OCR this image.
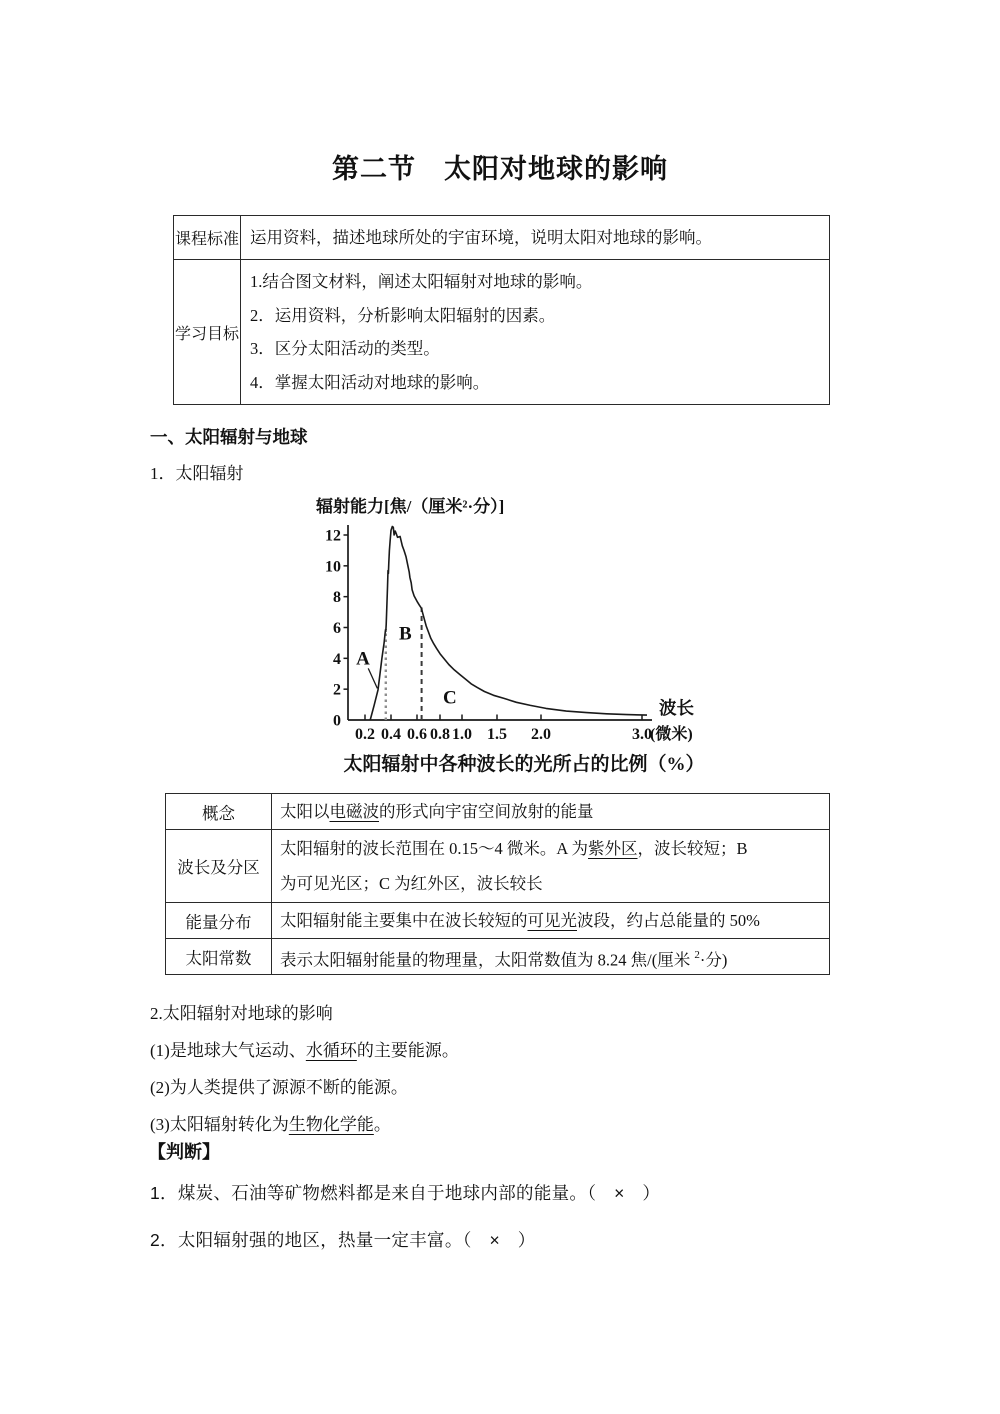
第二节　太阳对地球的影响
课程标准	运用资料，描述地球所处的宇宙环境，说明太阳对地球的影响。

学习目标	1.结合图文材料，阐述太阳辐射对地球的影响。
2．运用资料，分析影响太阳辐射的因素。
3．区分太阳活动的类型。
4．掌握太阳活动对地球的影响。
一、太阳辐射与地球
1．太阳辐射
0
2
4
6
8
10
12
0.2 0.4 0.6 0.8 1.0 1.5 2.0	3.0
(微米)
波长
辐射能力[焦/（厘米²·分）]
A
B
C
太阳辐射中各种波长的光所占的比例（%）
概念	太阳以电磁波的形式向宇宙空间放射的能量

波长及分区	太阳辐射的波长范围在 0.15～4 微米。A 为紫外区，波长较短；B
为可见光区；C 为红外区，波长较长

能量分布	太阳辐射能主要集中在波长较短的可见光波段，约占总能量的 50%

太阳常数	表示太阳辐射能量的物理量，太阳常数值为 8.24 焦/(厘米 $^2$·分)
2.太阳辐射对地球的影响
(1)是地球大气运动、水循环的主要能源。
(2)为人类提供了源源不断的能源。
(3)太阳辐射转化为生物化学能。
【判断】
1．煤炭、石油等矿物燃料都是来自于地球内部的能量。（　×　）
2．太阳辐射强的地区，热量一定丰富。（　×　）
